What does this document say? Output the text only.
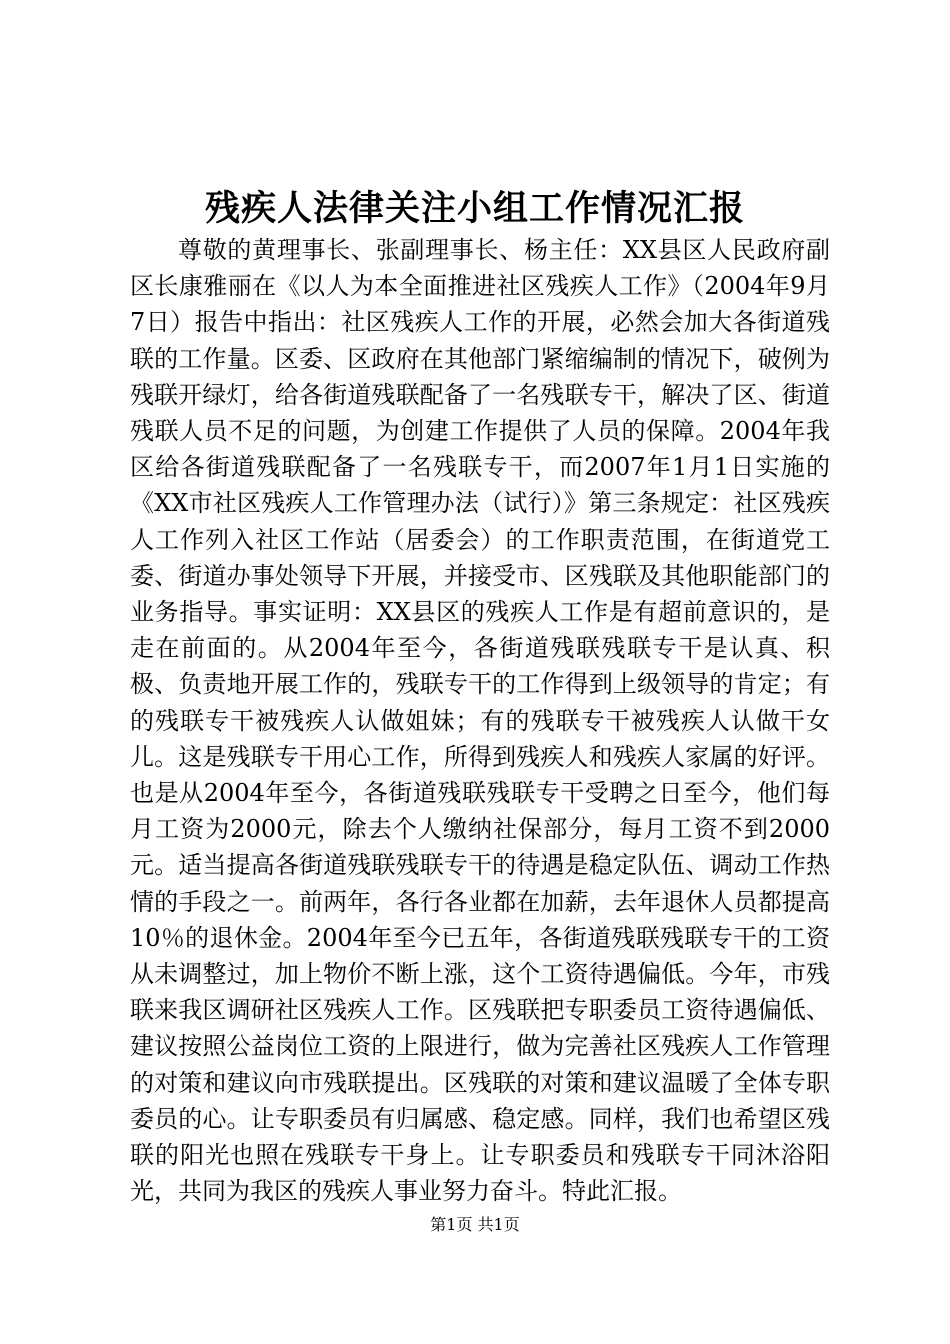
残疾人法律关注小组工作情况汇报

尊敬的黄理事长、张副理事长、杨主任：XX县区人民政府副区长康雅丽在《以人为本全面推进社区残疾人工作》（2004年9月7日）报告中指出：社区残疾人工作的开展，必然会加大各街道残联的工作量。区委、区政府在其他部门紧缩编制的情况下，破例为残联开绿灯，给各街道残联配备了一名残联专干，解决了区、街道残联人员不足的问题，为创建工作提供了人员的保障。2004年我区给各街道残联配备了一名残联专干，而2007年1月1日实施的《XX市社区残疾人工作管理办法（试行）》第三条规定：社区残疾人工作列入社区工作站（居委会）的工作职责范围，在街道党工委、街道办事处领导下开展，并接受市、区残联及其他职能部门的业务指导。事实证明：XX县区的残疾人工作是有超前意识的，是走在前面的。从2004年至今，各街道残联残联专干是认真、积极、负责地开展工作的，残联专干的工作得到上级领导的肯定；有的残联专干被残疾人认做姐妹；有的残联专干被残疾人认做干女儿。这是残联专干用心工作，所得到残疾人和残疾人家属的好评。也是从2004年至今，各街道残联残联专干受聘之日至今，他们每月工资为2000元，除去个人缴纳社保部分，每月工资不到2000元。适当提高各街道残联残联专干的待遇是稳定队伍、调动工作热情的手段之一。前两年，各行各业都在加薪，去年退休人员都提高10％的退休金。2004年至今已五年，各街道残联残联专干的工资从未调整过，加上物价不断上涨，这个工资待遇偏低。今年，市残联来我区调研社区残疾人工作。区残联把专职委员工资待遇偏低、建议按照公益岗位工资的上限进行，做为完善社区残疾人工作管理的对策和建议向市残联提出。区残联的对策和建议温暖了全体专职委员的心。让专职委员有归属感、稳定感。同样，我们也希望区残联的阳光也照在残联专干身上。让专职委员和残联专干同沐浴阳光，共同为我区的残疾人事业努力奋斗。特此汇报。

第1页 共1页
